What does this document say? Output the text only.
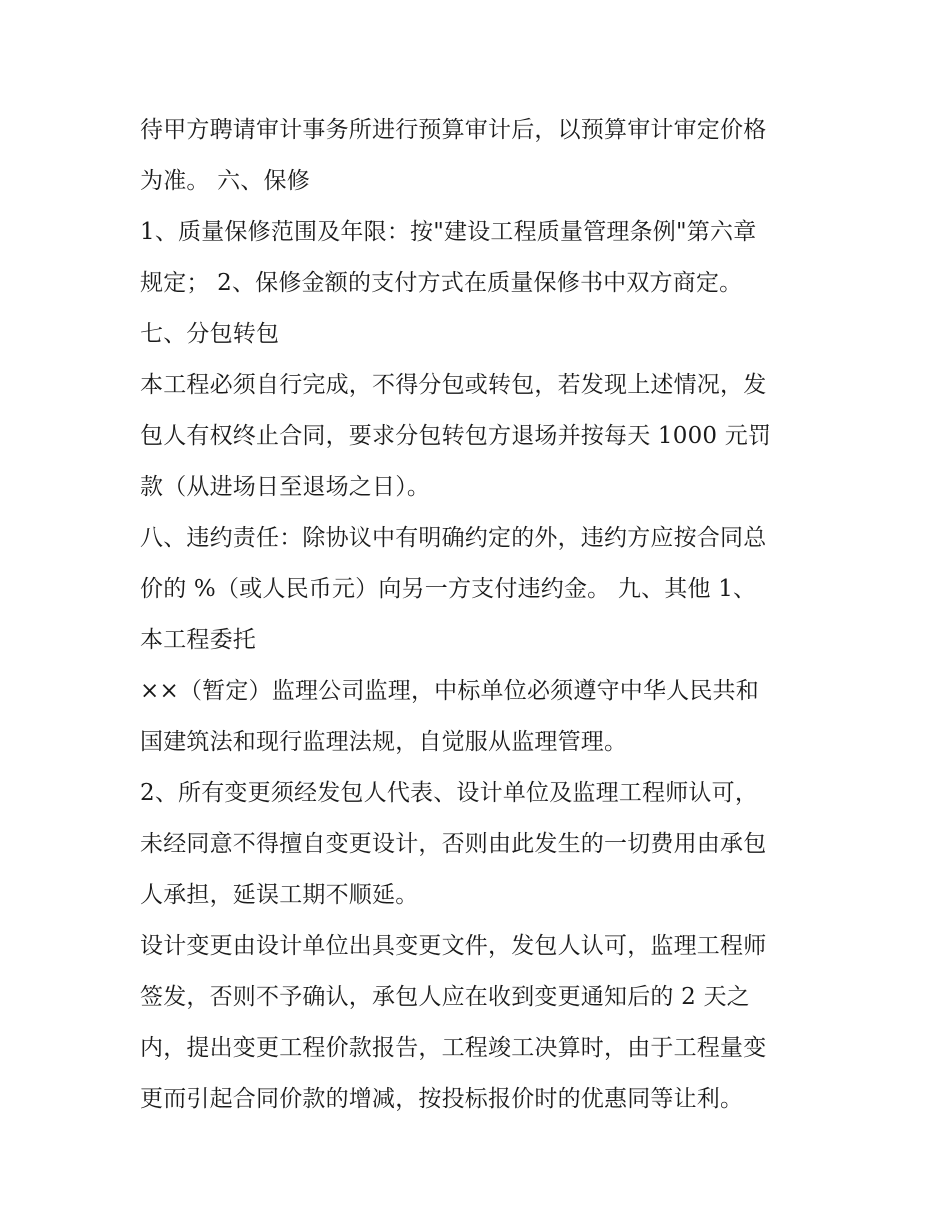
待甲方聘请审计事务所进行预算审计后，以预算审计审定价格
为准。 六、保修
1、质量保修范围及年限：按"建设工程质量管理条例"第六章
规定； 2、保修金额的支付方式在质量保修书中双方商定。
七、分包转包
本工程必须自行完成，不得分包或转包，若发现上述情况，发
包人有权终止合同，要求分包转包方退场并按每天 1000 元罚
款（从进场日至退场之日）。
八、违约责任：除协议中有明确约定的外，违约方应按合同总
价的 %（或人民币元）向另一方支付违约金。 九、其他 1、
本工程委托
××（暂定）监理公司监理，中标单位必须遵守中华人民共和
国建筑法和现行监理法规，自觉服从监理管理。
2、所有变更须经发包人代表、设计单位及监理工程师认可，
未经同意不得擅自变更设计，否则由此发生的一切费用由承包
人承担，延误工期不顺延。
设计变更由设计单位出具变更文件，发包人认可，监理工程师
签发，否则不予确认，承包人应在收到变更通知后的 2 天之
内，提出变更工程价款报告，工程竣工决算时，由于工程量变
更而引起合同价款的增减，按投标报价时的优惠同等让利。
